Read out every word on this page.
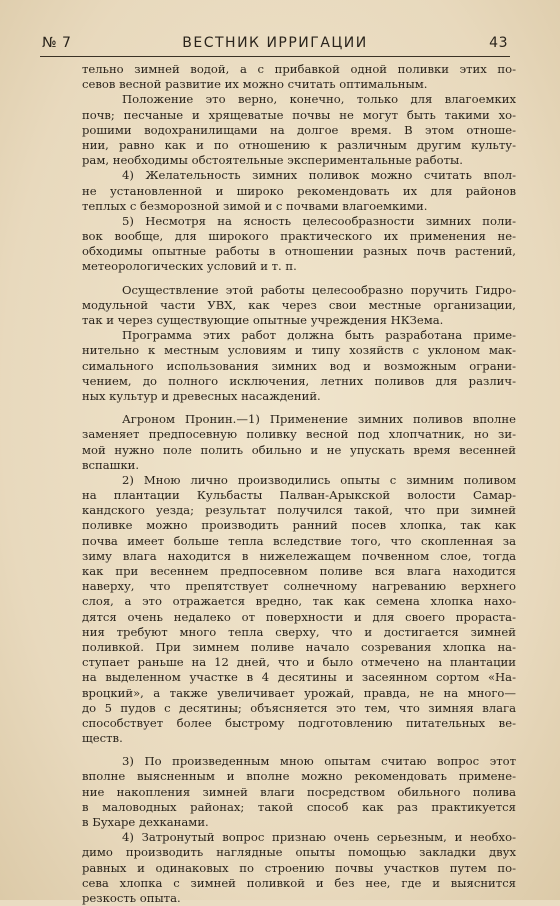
№ 7	ВЕСТНИК ИРРИГАЦИИ	43
тельно зимней водой, а с прибавкой одной поливки этих по-
севов весной развитие их можно считать оптимальным.
Положение это верно, конечно, только для влагоемких
почв; песчаные и хрящеватые почвы не могут быть такими хо-
рошими водохранилищами на долгое время. В этом отноше-
нии, равно как и по отношению к различным другим культу-
рам, необходимы обстоятельные экспериментальные работы.
4) Желательность зимних поливок можно считать впол-
не установленной и широко рекомендовать их для районов
теплых с безморозной зимой и с почвами влагоемкими.
5) Несмотря на ясность целесообразности зимних поли-
вок вообще, для широкого практического их применения не-
обходимы опытные работы в отношении разных почв растений,
метеорологических условий и т. п.
Осуществление этой работы целесообразно поручить Гидро-
модульной части УВХ, как через свои местные организации,
так и через существующие опытные учреждения НКЗема.
Программа этих работ должна быть разработана приме-
нительно к местным условиям и типу хозяйств с уклоном мак-
симального использования зимних вод и возможным ограни-
чением, до полного исключения, летних поливов для различ-
ных культур и древесных насаждений.
Агроном Пронин.—1) Применение зимних поливов вполне
заменяет предпосевную поливку весной под хлопчатник, но зи-
мой нужно поле полить обильно и не упускать время весенней
вспашки.
2) Мною лично производились опыты с зимним поливом
на плантации Кульбасты Палван-Арыкской волости Самар-
кандского уезда; результат получился такой, что при зимней
поливке можно производить ранний посев хлопка, так как
почва имеет больше тепла вследствие того, что скопленная за
зиму влага находится в нижележащем почвенном слое, тогда
как при весеннем предпосевном поливе вся влага находится
наверху, что препятствует солнечному нагреванию верхнего
слоя, а это отражается вредно, так как семена хлопка нахо-
дятся очень недалеко от поверхности и для своего прораста-
ния требуют много тепла сверху, что и достигается зимней
поливкой. При зимнем поливе начало созревания хлопка на-
ступает раньше на 12 дней, что и было отмечено на плантации
на выделенном участке в 4 десятины и засеянном сортом «На-
вроцкий», а также увеличивает урожай, правда, не на много—
до 5 пудов с десятины; объясняется это тем, что зимняя влага
способствует более быстрому подготовлению питательных ве-
ществ.
3) По произведенным мною опытам считаю вопрос этот
вполне выясненным и вполне можно рекомендовать примене-
ние накопления зимней влаги посредством обильного полива
в маловодных районах; такой способ как раз практикуется
в Бухаре дехканами.
4) Затронутый вопрос признаю очень серьезным, и необхо-
димо производить наглядные опыты помощью закладки двух
равных и одинаковых по строению почвы участков путем по-
сева хлопка с зимней поливкой и без нее, где и выяснится
резкость опыта.
